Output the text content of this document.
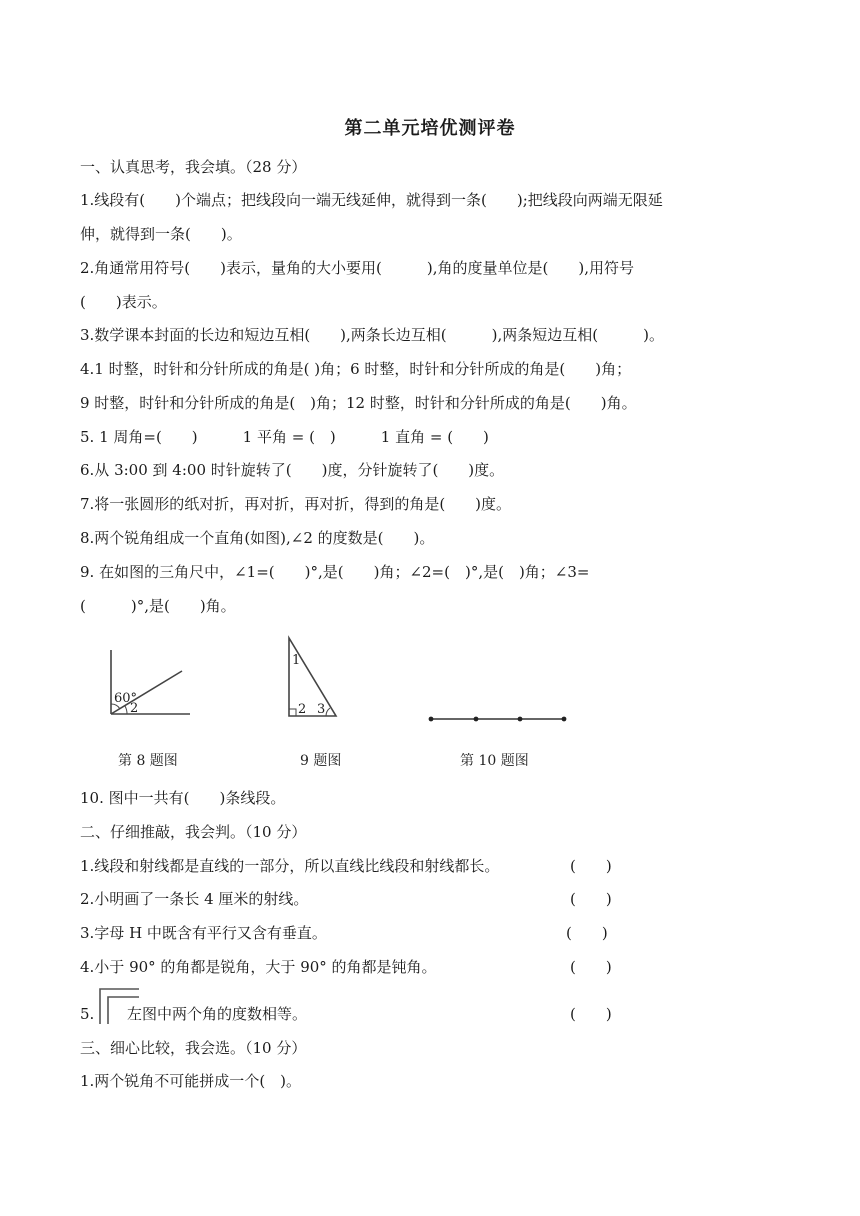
第二单元培优测评卷
一、认真思考，我会填。（28 分）
1.线段有(　　)个端点；把线段向一端无线延伸，就得到一条(　　);把线段向两端无限延
伸，就得到一条(　　)。
2.角通常用符号(　　)表示，量角的大小要用(　　　),角的度量单位是(　　),用符号
(　　)表示。
3.数学课本封面的长边和短边互相(　　),两条长边互相(　　　),两条短边互相(　　　)。
4.1 时整，时针和分针所成的角是( )角；6 时整，时针和分针所成的角是(　　)角；
9 时整，时针和分针所成的角是(　)角；12 时整，时针和分针所成的角是(　　)角。
5. 1 周角=(　　)　　　1 平角 = (　)　　　1 直角 = (　　)
6.从 3:00 到 4:00 时针旋转了(　　)度，分针旋转了(　　)度。
7.将一张圆形的纸对折，再对折，再对折，得到的角是(　　)度。
8.两个锐角组成一个直角(如图),∠2 的度数是(　　)。
9. 在如图的三角尺中，∠1=(　　)°,是(　　)角；∠2=(　)°,是(　)角；∠3=
(　　　)°,是(　　)角。
60°
2
1
2 3
第 8 题图	9 题图	第 10 题图
10. 图中一共有(　　)条线段。
二、仔细推敲，我会判。（10 分）
1.线段和射线都是直线的一部分，所以直线比线段和射线都长。	(　　)
2.小明画了一条长 4 厘米的射线。	(　　)
3.字母 H 中既含有平行又含有垂直。	(　　)
4.小于 90° 的角都是锐角，大于 90° 的角都是钝角。	(　　)
5.	左图中两个角的度数相等。	(　　)
三、细心比较，我会选。（10 分）
1.两个锐角不可能拼成一个(　)。
